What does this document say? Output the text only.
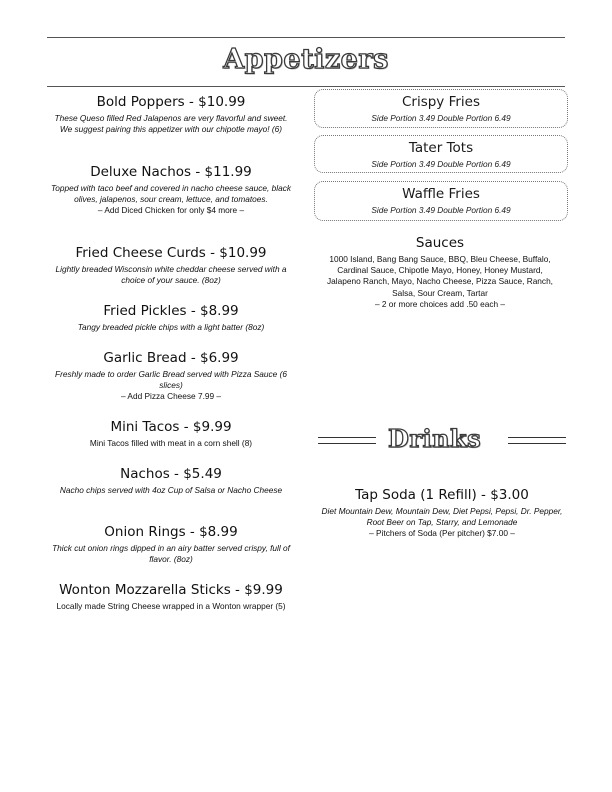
Appetizers
Bold Poppers - $10.99
These Queso filled Red Jalapenos are very flavorful and sweet. We suggest pairing this appetizer with our chipotle mayo! (6)
Deluxe Nachos - $11.99
Topped with taco beef and covered in nacho cheese sauce, black olives, jalapenos, sour cream, lettuce, and tomatoes.
– Add Diced Chicken for only $4 more –
Fried Cheese Curds - $10.99
Lightly breaded Wisconsin white cheddar cheese served with a choice of your sauce. (8oz)
Fried Pickles - $8.99
Tangy breaded pickle chips with a light batter (8oz)
Garlic Bread - $6.99
Freshly made to order Garlic Bread served with Pizza Sauce (6 slices)
– Add Pizza Cheese 7.99 –
Mini Tacos - $9.99
Mini Tacos filled with meat in a corn shell (8)
Nachos - $5.49
Nacho chips served with 4oz Cup of Salsa or Nacho Cheese
Onion Rings - $8.99
Thick cut onion rings dipped in an airy batter served crispy, full of flavor. (8oz)
Wonton Mozzarella Sticks - $9.99
Locally made String Cheese wrapped in a Wonton wrapper (5)
Crispy Fries
Side Portion 3.49 Double Portion 6.49
Tater Tots
Side Portion 3.49 Double Portion 6.49
Waffle Fries
Side Portion 3.49 Double Portion 6.49
Sauces
1000 Island, Bang Bang Sauce, BBQ, Bleu Cheese, Buffalo, Cardinal Sauce, Chipotle Mayo, Honey, Honey Mustard, Jalapeno Ranch, Mayo, Nacho Cheese, Pizza Sauce, Ranch, Salsa, Sour Cream, Tartar
– 2 or more choices add .50 each –
Drinks
Tap Soda (1 Refill) - $3.00
Diet Mountain Dew, Mountain Dew, Diet Pepsi, Pepsi, Dr. Pepper, Root Beer on Tap, Starry, and Lemonade
– Pitchers of Soda (Per pitcher) $7.00 –
